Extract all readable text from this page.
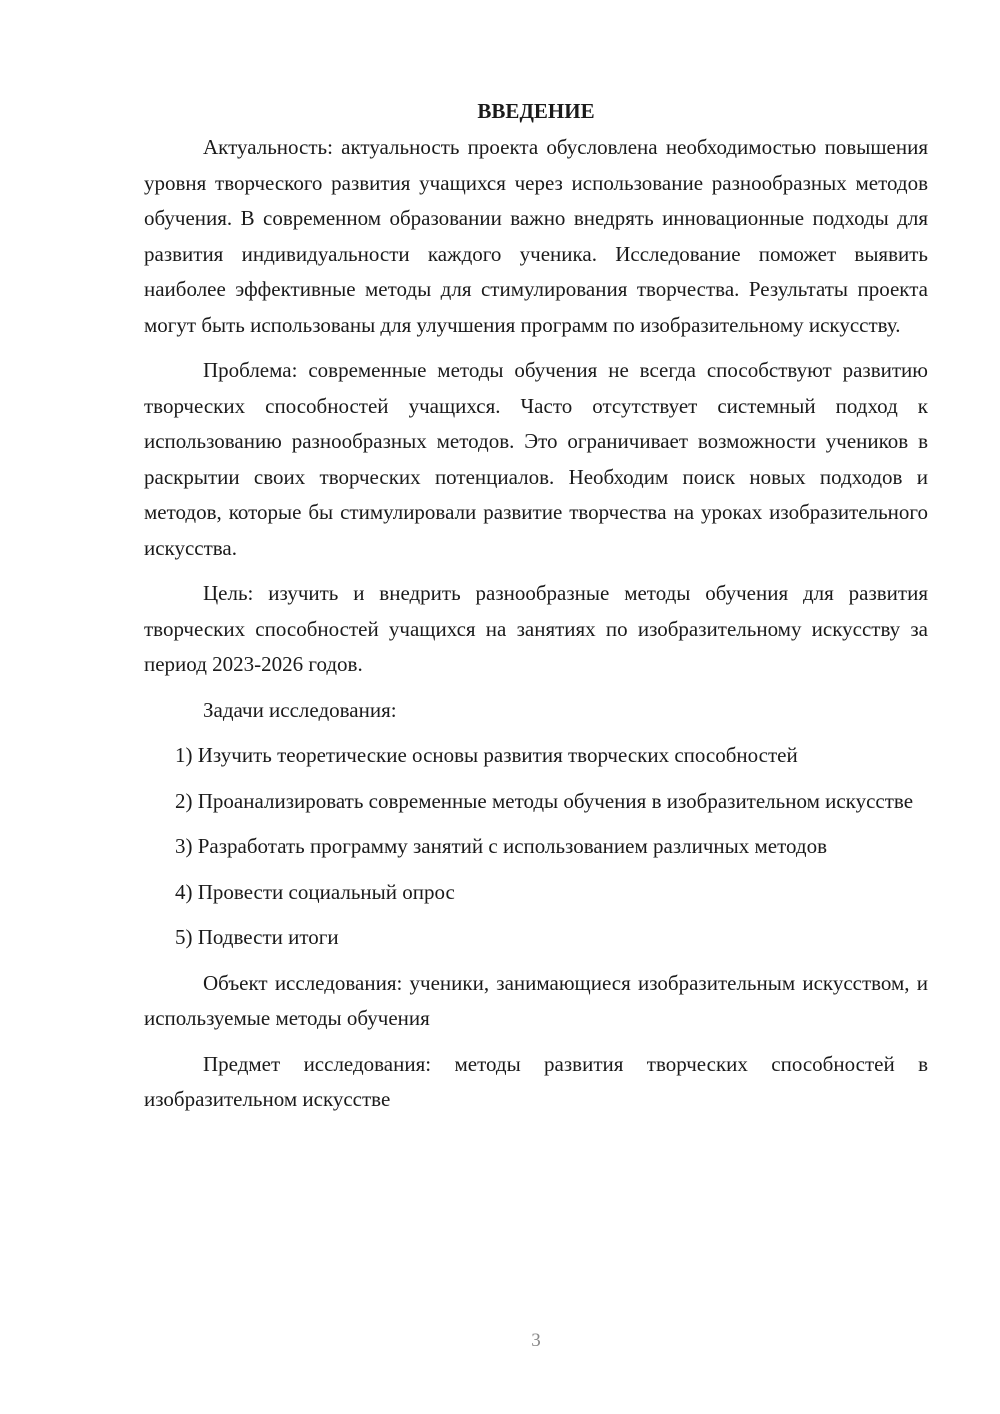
ВВЕДЕНИЕ

Актуальность: актуальность проекта обусловлена необходимостью повышения уровня творческого развития учащихся через использование разнообразных методов обучения. В современном образовании важно внедрять инновационные подходы для развития индивидуальности каждого ученика. Исследование поможет выявить наиболее эффективные методы для стимулирования творчества. Результаты проекта могут быть использованы для улучшения программ по изобразительному искусству.

Проблема: современные методы обучения не всегда способствуют развитию творческих способностей учащихся. Часто отсутствует системный подход к использованию разнообразных методов. Это ограничивает возможности учеников в раскрытии своих творческих потенциалов. Необходим поиск новых подходов и методов, которые бы стимулировали развитие творчества на уроках изобразительного искусства.

Цель: изучить и внедрить разнообразные методы обучения для развития творческих способностей учащихся на занятиях по изобразительному искусству за период 2023-2026 годов.

Задачи исследования:

1) Изучить теоретические основы развития творческих способностей

2) Проанализировать современные методы обучения в изобразительном искусстве

3) Разработать программу занятий с использованием различных методов

4) Провести социальный опрос

5) Подвести итоги

Объект исследования: ученики, занимающиеся изобразительным искусством, и используемые методы обучения

Предмет исследования: методы развития творческих способностей в изобразительном искусстве

3
